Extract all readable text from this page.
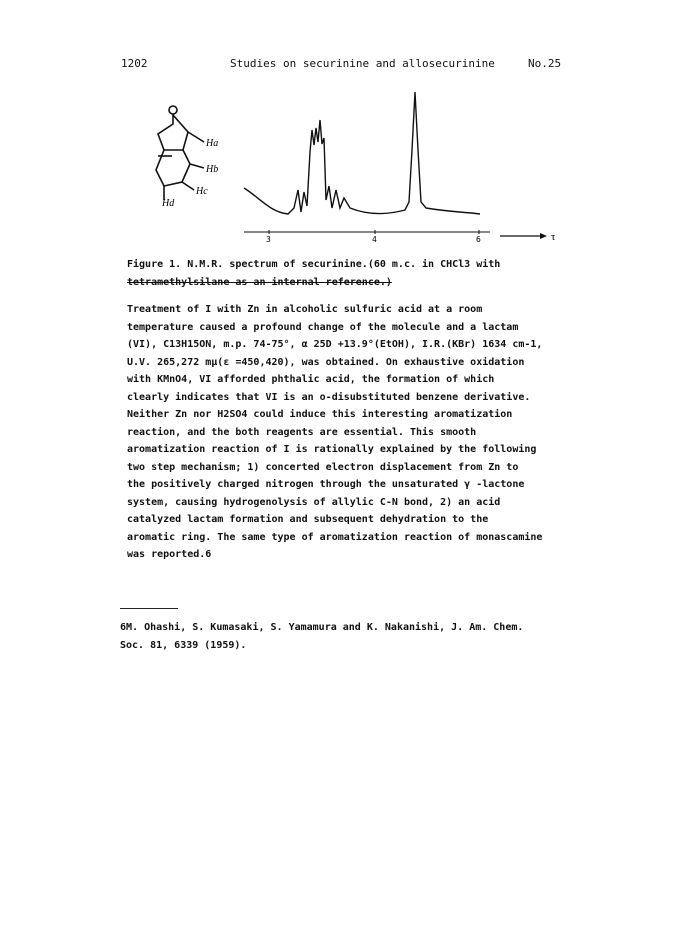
1202	Studies on securinine and allosecurinine	No.25
Ha
Hb
Hc
Hd
3	4	6	τ
Figure 1. N.M.R. spectrum of securinine.(60 m.c. in CHCl3 with
tetramethylsilane as an internal reference.)

Treatment of I with Zn in alcoholic sulfuric acid at a room

temperature caused a profound change of the molecule and a lactam

(VI), C13H15ON, m.p. 74-75°, α 25D +13.9°(EtOH), I.R.(KBr) 1634 cm-1,

U.V. 265,272 mμ(ε =450,420), was obtained. On exhaustive oxidation

with KMnO4, VI afforded phthalic acid, the formation of which

clearly indicates that VI is an o-disubstituted benzene derivative.

Neither Zn nor H2SO4 could induce this interesting aromatization

reaction, and the both reagents are essential. This smooth

aromatization reaction of I is rationally explained by the following

two step mechanism; 1) concerted electron displacement from Zn to

the positively charged nitrogen through the unsaturated γ -lactone

system, causing hydrogenolysis of allylic C-N bond, 2) an acid

catalyzed lactam formation and subsequent dehydration to the

aromatic ring. The same type of aromatization reaction of monascamine

was reported.6

6M. Ohashi, S. Kumasaki, S. Yamamura and K. Nakanishi, J. Am. Chem.

Soc. 81, 6339 (1959).
